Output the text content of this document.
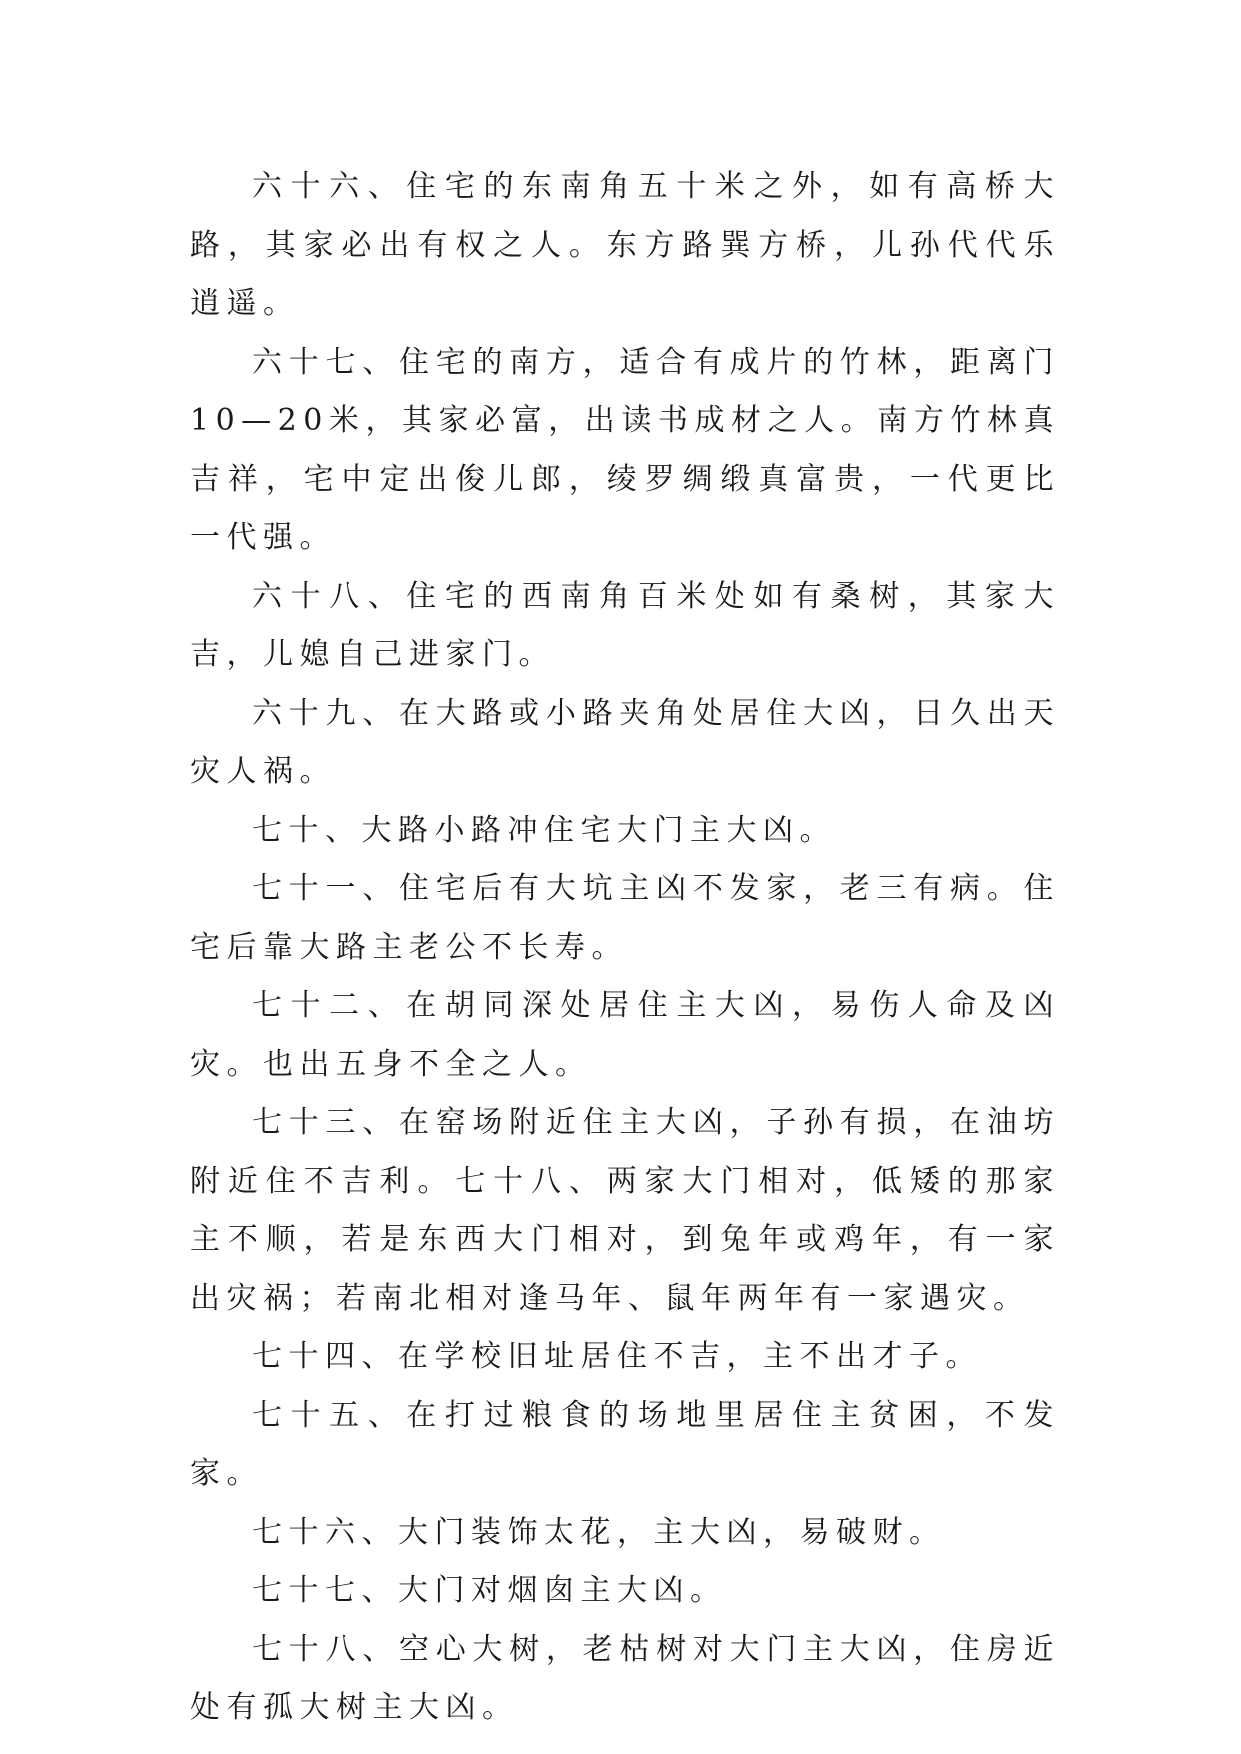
六十六、住宅的东南角五十米之外，如有高桥大路，其家必出有权之人。东方路巽方桥，儿孙代代乐逍遥。

六十七、住宅的南方，适合有成片的竹林，距离门10—20米，其家必富，出读书成材之人。南方竹林真吉祥，宅中定出俊儿郎，绫罗绸缎真富贵，一代更比一代强。

六十八、住宅的西南角百米处如有桑树，其家大吉，儿媳自己进家门。

六十九、在大路或小路夹角处居住大凶，日久出天灾人祸。

七十、大路小路冲住宅大门主大凶。

七十一、住宅后有大坑主凶不发家，老三有病。住宅后靠大路主老公不长寿。

七十二、在胡同深处居住主大凶，易伤人命及凶灾。也出五身不全之人。

七十三、在窑场附近住主大凶，子孙有损，在油坊附近住不吉利。七十八、两家大门相对，低矮的那家主不顺，若是东西大门相对，到兔年或鸡年，有一家出灾祸；若南北相对逢马年、鼠年两年有一家遇灾。

七十四、在学校旧址居住不吉，主不出才子。

七十五、在打过粮食的场地里居住主贫困，不发家。

七十六、大门装饰太花，主大凶，易破财。

七十七、大门对烟囱主大凶。

七十八、空心大树，老枯树对大门主大凶，住房近处有孤大树主大凶。
